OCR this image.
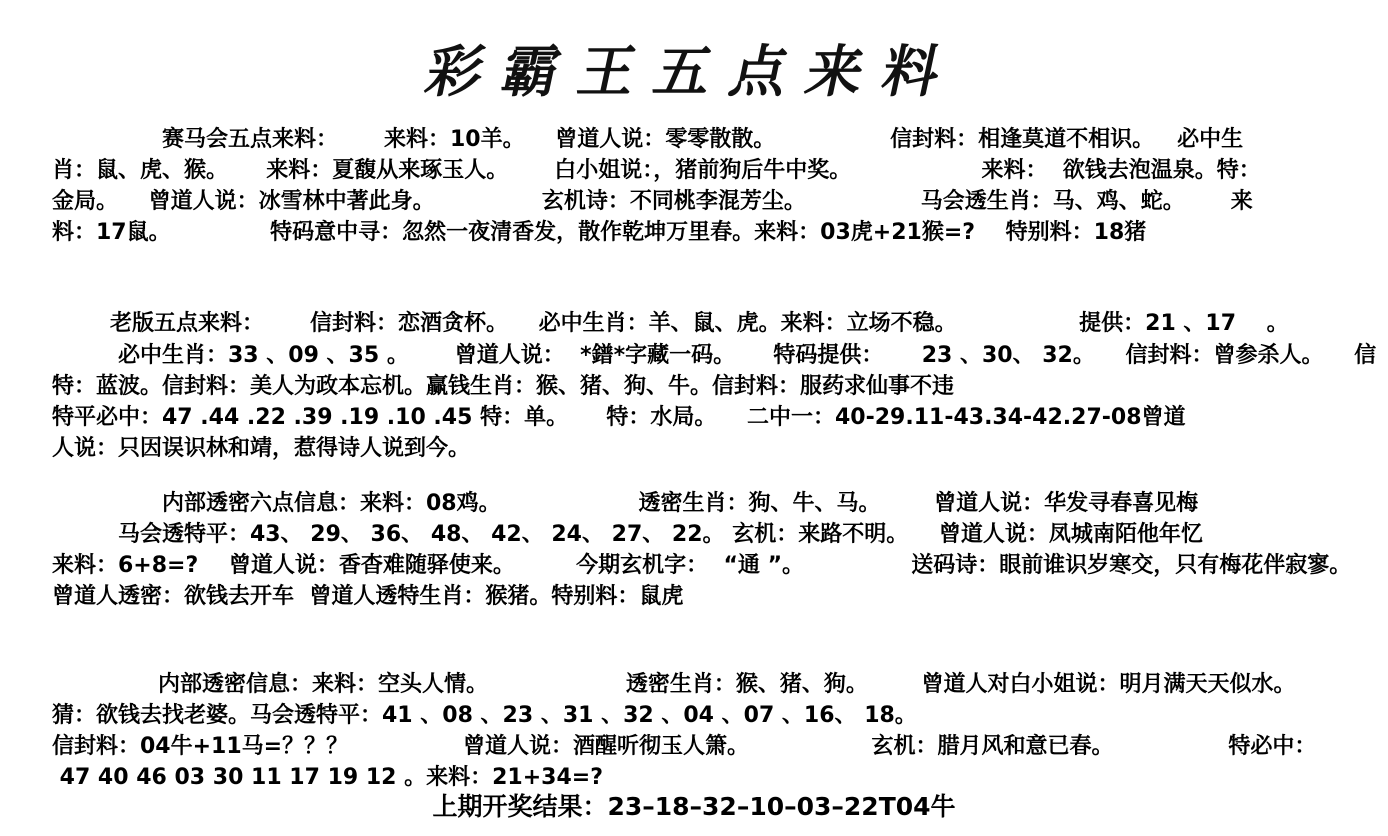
彩霸王五点来料
赛马会五点来料：      来料：10羊。    曾道人说：零零散散。               信封料：相逢莫道不相识。   必中生
肖：鼠、虎、猴。     来料：夏馥从来琢玉人。      白小姐说：，猪前狗后牛中奖。                 来料：  欲钱去泡温泉。特：
金局。    曾道人说：冰雪林中著此身。              玄机诗：不同桃李混芳尘。               马会透生肖：马、鸡、蛇。      来
料：17鼠。             特码意中寻：忽然一夜清香发，散作乾坤万里春。来料：03虎+21猴=?    特别料：18猪
老版五点来料：      信封料：恋酒贪杯。    必中生肖：羊、鼠、虎。来料：立场不稳。                提供：21 、17    。
必中生肖：33 、09 、35 。      曾道人说：  *鐠*字藏一码。     特码提供：     23 、30、 32。    信封料：曾参杀人。    信
特：蓝波。信封料：美人为政本忘机。赢钱生肖：猴、猪、狗、牛。信封料：服药求仙事不违
特平必中：47 .44 .22 .39 .19 .10 .45 特：单。     特：水局。    二中一：40-29.11-43.34-42.27-08曾道
人说：只因误识林和靖，惹得诗人说到今。
内部透密六点信息：来料：08鸡。                  透密生肖：狗、牛、马。       曾道人说：华发寻春喜见梅
马会透特平：43、 29、 36、 48、 42、 24、 27、 22。 玄机：来路不明。    曾道人说：凤城南陌他年忆
来料：6+8=?    曾道人说：香杳难随驿使来。        今期玄机字：  “通 ”。              送码诗：眼前谁识岁寒交，只有梅花伴寂寥。
曾道人透密：欲钱去开车  曾道人透特生肖：猴猪。特别料：鼠虎
内部透密信息：来料：空头人情。                  透密生肖：猴、猪、狗。       曾道人对白小姐说：明月满天天似水。
猜：欲钱去找老婆。马会透特平：41 、08 、23 、31 、32 、04 、07 、16、 18。
信封料：04牛+11马=？？？               曾道人说：酒醒听彻玉人箫。                玄机：腊月风和意已春。               特必中：
47 40 46 03 30 11 17 19 12 。来料：21+34=?
上期开奖结果：23–18–32–10–03–22T04牛
